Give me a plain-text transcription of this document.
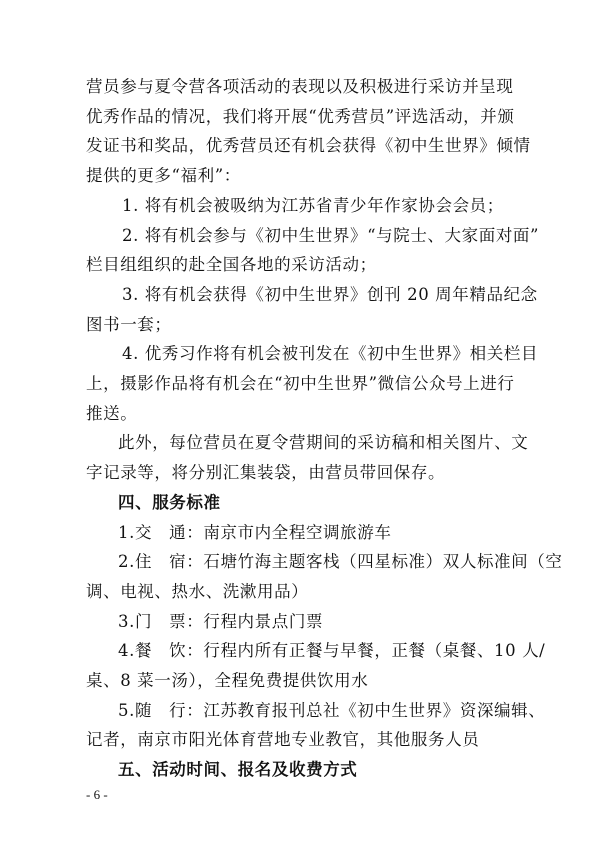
营员参与夏令营各项活动的表现以及积极进行采访并呈现
优秀作品的情况，我们将开展“优秀营员”评选活动，并颁
发证书和奖品，优秀营员还有机会获得《初中生世界》倾情
提供的更多“福利”：
1. 将有机会被吸纳为江苏省青少年作家协会会员；
2. 将有机会参与《初中生世界》“与院士、大家面对面”
栏目组组织的赴全国各地的采访活动；
3. 将有机会获得《初中生世界》创刊 20 周年精品纪念
图书一套；
4. 优秀习作将有机会被刊发在《初中生世界》相关栏目
上，摄影作品将有机会在“初中生世界”微信公众号上进行
推送。
此外，每位营员在夏令营期间的采访稿和相关图片、文
字记录等，将分别汇集装袋，由营员带回保存。
四、服务标准
1.交　通：南京市内全程空调旅游车
2.住　宿：石塘竹海主题客栈（四星标准）双人标准间（空
调、电视、热水、洗漱用品）
3.门　票：行程内景点门票
4.餐　饮：行程内所有正餐与早餐，正餐（桌餐、10 人/
桌、8 菜一汤），全程免费提供饮用水
5.随　行：江苏教育报刊总社《初中生世界》资深编辑、
记者，南京市阳光体育营地专业教官，其他服务人员
五、活动时间、报名及收费方式
- 6 -
